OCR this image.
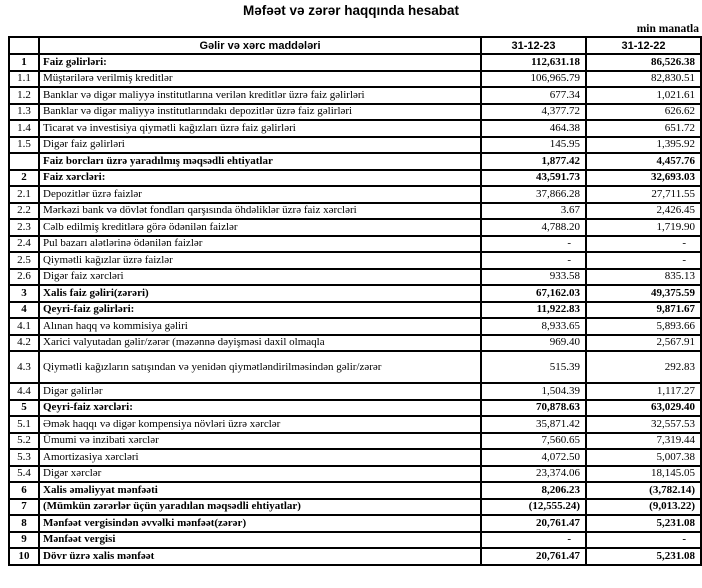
Məfəət və zərər haqqında hesabat
min manatla
	Gəlir və xərc maddələri	31-12-23	31-12-22
1	Faiz gəlirləri:	112,631.18	86,526.38
1.1	Müştərilərə verilmiş kreditlər	106,965.79	82,830.51
1.2	Banklar və digər maliyyə institutlarına verilən kreditlər üzrə faiz gəlirləri	677.34	1,021.61
1.3	Banklar və digər maliyyə institutlarındakı depozitlər üzrə faiz gəlirləri	4,377.72	626.62
1.4	Ticarət və investisiya qiymətli kağızları üzrə faiz gəlirləri	464.38	651.72
1.5	Digər faiz gəlirləri	145.95	1,395.92
	Faiz borcları üzrə yaradılmış məqsədli ehtiyatlar	1,877.42	4,457.76
2	Faiz xərcləri:	43,591.73	32,693.03
2.1	Depozitlər üzrə faizlər	37,866.28	27,711.55
2.2	Mərkəzi bank və dövlət fondları qarşısında öhdəliklər üzrə faiz xərcləri	3.67	2,426.45
2.3	Cəlb edilmiş kreditlərə görə ödənilən faizlər	4,788.20	1,719.90
2.4	Pul bazarı alətlərinə ödənilən faizlər	-	-
2.5	Qiymətli kağızlar üzrə faizlər	-	-
2.6	Digər faiz xərcləri	933.58	835.13
3	Xalis faiz gəliri(zərəri)	67,162.03	49,375.59
4	Qeyri-faiz gəlirləri:	11,922.83	9,871.67
4.1	Alınan haqq və kommisiya gəliri	8,933.65	5,893.66
4.2	Xarici valyutadan gəlir/zərər (məzənnə dəyişməsi daxil olmaqla	969.40	2,567.91
4.3	Qiymətli kağızların satışından və yenidən qiymətləndirilməsindən gəlir/zərər	515.39	292.83
4.4	Digər gəlirlər	1,504.39	1,117.27
5	Qeyri-faiz xərcləri:	70,878.63	63,029.40
5.1	Əmək haqqı və digər kompensiya növləri üzrə xərclər	35,871.42	32,557.53
5.2	Ümumi və inzibati xərclər	7,560.65	7,319.44
5.3	Amortizasiya xərcləri	4,072.50	5,007.38
5.4	Digər xərclər	23,374.06	18,145.05
6	Xalis əməliyyat mənfəəti	8,206.23	(3,782.14)
7	(Mümkün zərərlər üçün yaradılan məqsədli ehtiyatlar)	(12,555.24)	(9,013.22)
8	Mənfəət vergisindən əvvəlki mənfəət(zərər)	20,761.47	5,231.08
9	Mənfəət vergisi	-	-
10	Dövr üzrə xalis mənfəət	20,761.47	5,231.08
